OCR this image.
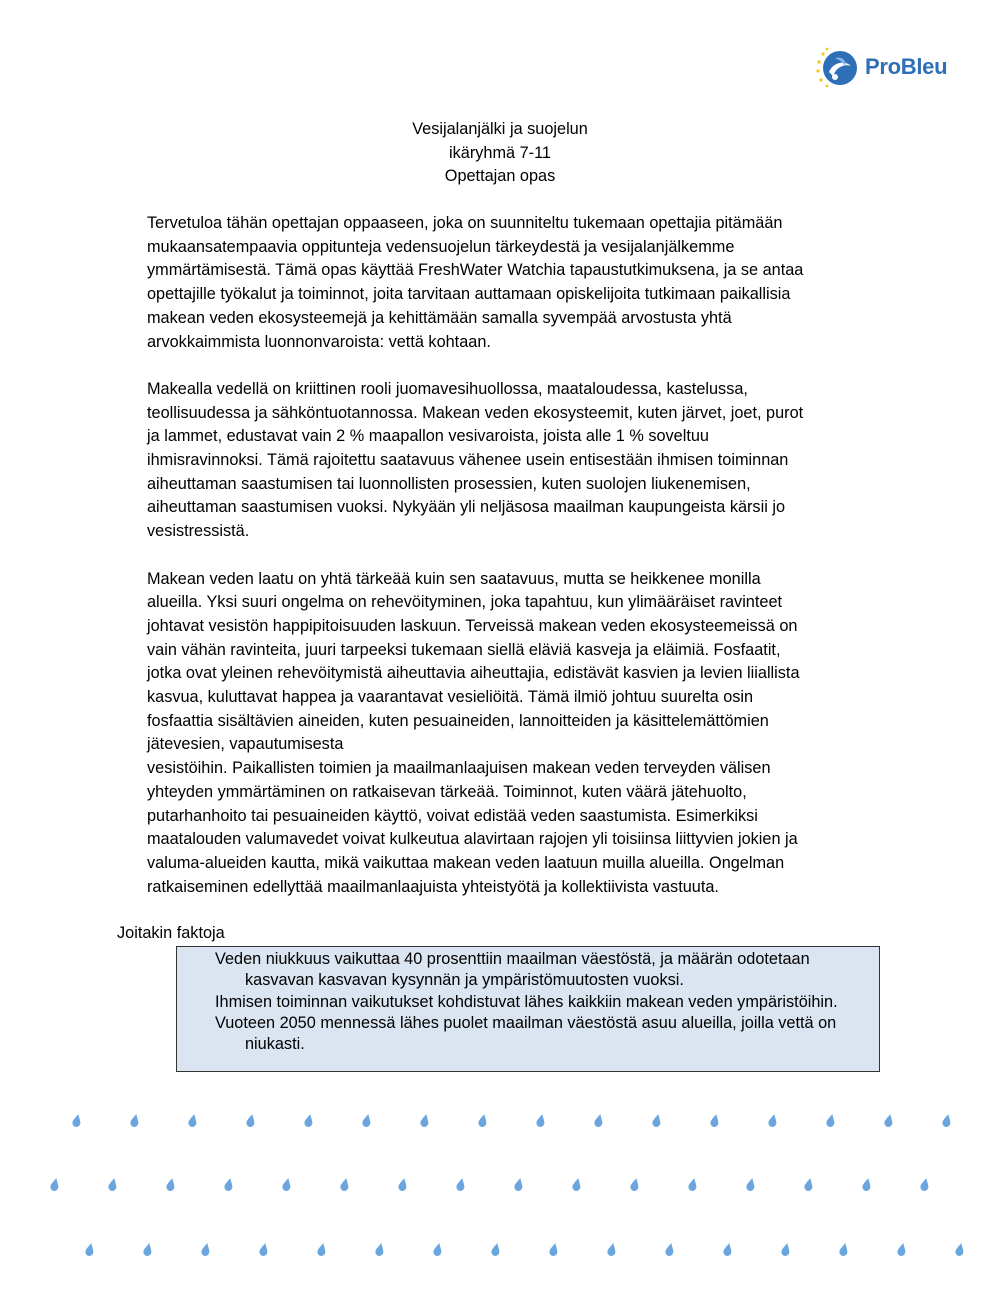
ProBleu
Vesijalanjälki ja suojelun
ikäryhmä 7-11
Opettajan opas

Tervetuloa tähän opettajan oppaaseen, joka on suunniteltu tukemaan opettajia pitämään
mukaansatempaavia oppitunteja vedensuojelun tärkeydestä ja vesijalanjälkemme
ymmärtämisestä. Tämä opas käyttää FreshWater Watchia tapaustutkimuksena, ja se antaa
opettajille työkalut ja toiminnot, joita tarvitaan auttamaan opiskelijoita tutkimaan paikallisia
makean veden ekosysteemejä ja kehittämään samalla syvempää arvostusta yhtä
arvokkaimmista luonnonvaroista: vettä kohtaan.

Makealla vedellä on kriittinen rooli juomavesihuollossa, maataloudessa, kastelussa,
teollisuudessa ja sähköntuotannossa. Makean veden ekosysteemit, kuten järvet, joet, purot
ja lammet, edustavat vain 2 % maapallon vesivaroista, joista alle 1 % soveltuu
ihmisravinnoksi. Tämä rajoitettu saatavuus vähenee usein entisestään ihmisen toiminnan
aiheuttaman saastumisen tai luonnollisten prosessien, kuten suolojen liukenemisen,
aiheuttaman saastumisen vuoksi. Nykyään yli neljäsosa maailman kaupungeista kärsii jo
vesistressistä.

Makean veden laatu on yhtä tärkeää kuin sen saatavuus, mutta se heikkenee monilla
alueilla. Yksi suuri ongelma on rehevöityminen, joka tapahtuu, kun ylimääräiset ravinteet
johtavat vesistön happipitoisuuden laskuun. Terveissä makean veden ekosysteemeissä on
vain vähän ravinteita, juuri tarpeeksi tukemaan siellä eläviä kasveja ja eläimiä. Fosfaatit,
jotka ovat yleinen rehevöitymistä aiheuttavia aiheuttajia, edistävät kasvien ja levien liiallista
kasvua, kuluttavat happea ja vaarantavat vesieliöitä. Tämä ilmiö johtuu suurelta osin
fosfaattia sisältävien aineiden, kuten pesuaineiden, lannoitteiden ja käsittelemättömien
jätevesien, vapautumisesta
vesistöihin. Paikallisten toimien ja maailmanlaajuisen makean veden terveyden välisen
yhteyden ymmärtäminen on ratkaisevan tärkeää. Toiminnot, kuten väärä jätehuolto,
putarhanhoito tai pesuaineiden käyttö, voivat edistää veden saastumista. Esimerkiksi
maatalouden valumavedet voivat kulkeutua alavirtaan rajojen yli toisiinsa liittyvien jokien ja
valuma-alueiden kautta, mikä vaikuttaa makean veden laatuun muilla alueilla. Ongelman
ratkaiseminen edellyttää maailmanlaajuista yhteistyötä ja kollektiivista vastuuta.

Joitakin faktoja

Veden niukkuus vaikuttaa 40 prosenttiin maailman väestöstä, ja määrän odotetaan kasvavan kasvavan kysynnän ja ympäristömuutosten vuoksi.

Ihmisen toiminnan vaikutukset kohdistuvat lähes kaikkiin makean veden ympäristöihin.

Vuoteen 2050 mennessä lähes puolet maailman väestöstä asuu alueilla, joilla vettä on niukasti.
